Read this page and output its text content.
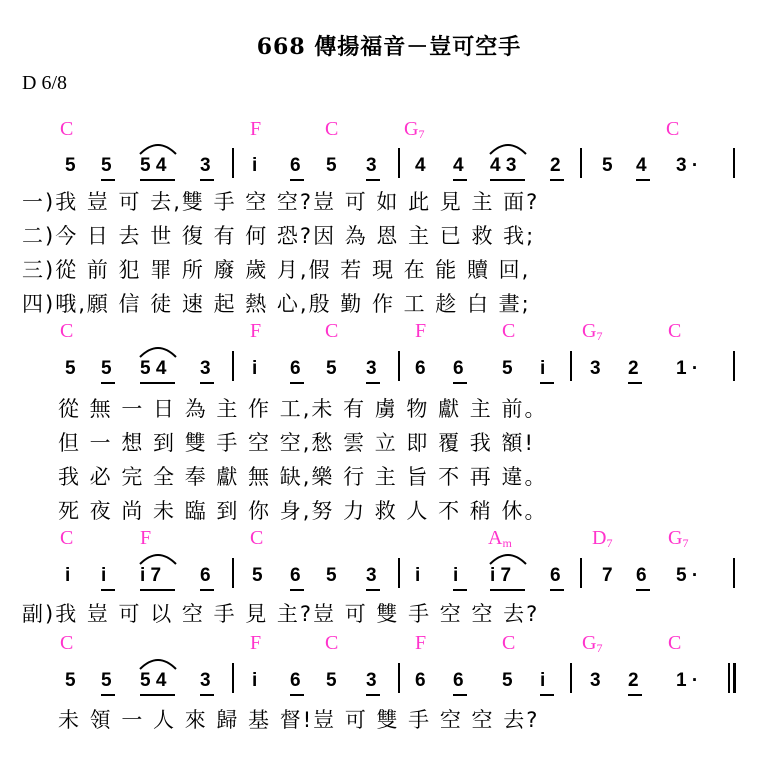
668 傳揚福音－豈可空手
D 6/8
C	F	C	$G_7$	C
5 5 5 4 3 i 6 5 3 4 4 4 3 2 5 4 3 ·
一)我 豈 可 去,雙 手 空 空?豈 可 如 此 見 主 面?
二)今 日 去 世 復 有 何 恐?因 為 恩 主 已 救 我;
三)從 前 犯 罪 所 廢 歲 月,假 若 現 在 能 贖 回,
四)哦,願 信 徒 速 起 熱 心,殷 勤 作 工 趁 白 晝;
C	F	C	F	C	$G_7$	C
5 5 5 4 3 i 6 5 3 6 6 5 i 3 2 1 ·
從 無 一 日 為 主 作 工,未 有 虜 物 獻 主 前。
但 一 想 到 雙 手 空 空,愁 雲 立 即 覆 我 額!
我 必 完 全 奉 獻 無 缺,樂 行 主 旨 不 再 違。
死 夜 尚 未 臨 到 你 身,努 力 救 人 不 稍 休。
C	F	C	$A_m$	$D_7$	$G_7$
i i i 7 6 5 6 5 3 i i i 7 6 7 6 5 ·
副)我 豈 可 以 空 手 見 主?豈 可 雙 手 空 空 去?
C	F	C	F	C	$G_7$	C
5 5 5 4 3 i 6 5 3 6 6 5 i 3 2 1 ·
未 領 一 人 來 歸 基 督!豈 可 雙 手 空 空 去?
